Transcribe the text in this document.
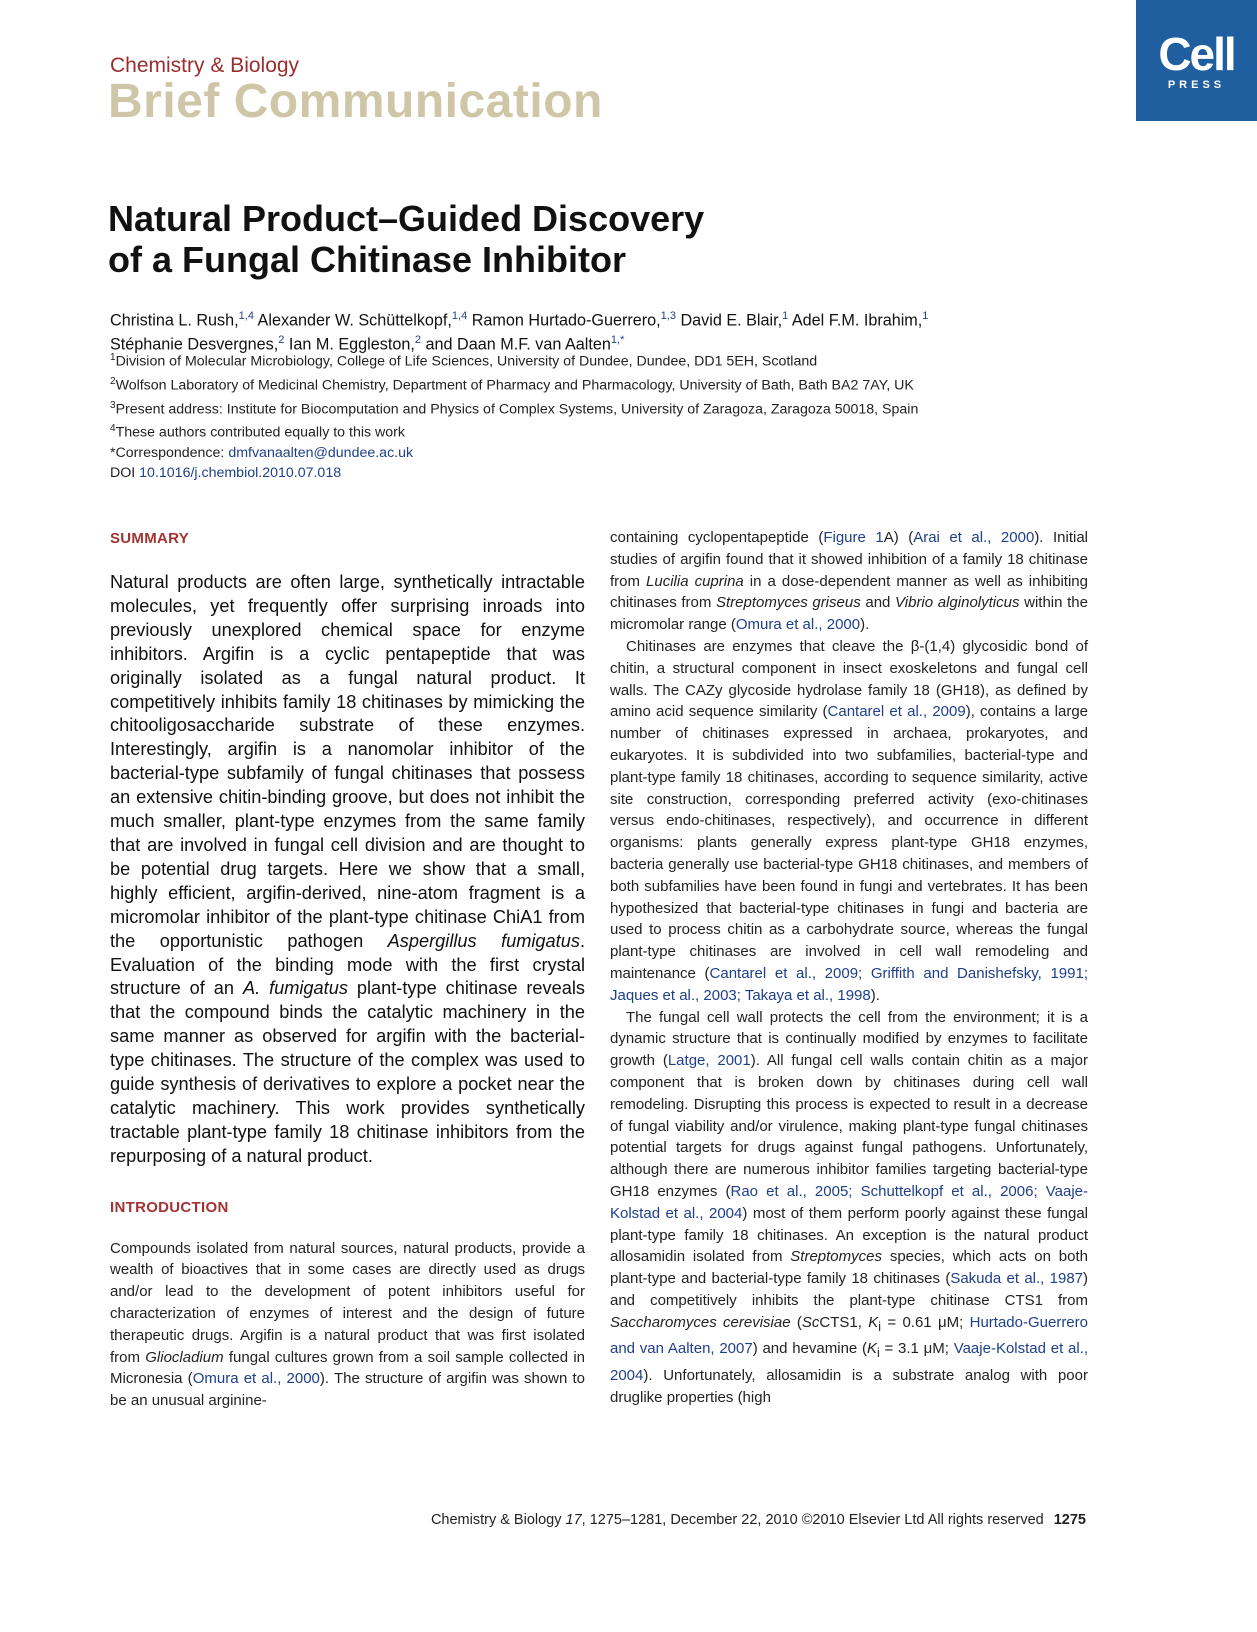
Chemistry & Biology
Brief Communication
Cell
PRESS
Natural Product–Guided Discovery
of a Fungal Chitinase Inhibitor
Christina L. Rush,$^{1,4}$ Alexander W. Schüttelkopf,$^{1,4}$ Ramon Hurtado-Guerrero,$^{1,3}$ David E. Blair,$^1$ Adel F.M. Ibrahim,$^1$
Stéphanie Desvergnes,$^2$ Ian M. Eggleston,$^2$ and Daan M.F. van Aalten$^{1,*}$
$^1$Division of Molecular Microbiology, College of Life Sciences, University of Dundee, Dundee, DD1 5EH, Scotland
$^2$Wolfson Laboratory of Medicinal Chemistry, Department of Pharmacy and Pharmacology, University of Bath, Bath BA2 7AY, UK
$^3$Present address: Institute for Biocomputation and Physics of Complex Systems, University of Zaragoza, Zaragoza 50018, Spain
$^4$These authors contributed equally to this work
*Correspondence: dmfvanaalten@dundee.ac.uk
DOI 10.1016/j.chembiol.2010.07.018
SUMMARY
Natural products are often large, synthetically intractable molecules, yet frequently offer surprising inroads into previously unexplored chemical space for enzyme inhibitors. Argifin is a cyclic pentapeptide that was originally isolated as a fungal natural product. It competitively inhibits family 18 chitinases by mimicking the chitooligosaccharide substrate of these enzymes. Interestingly, argifin is a nanomolar inhibitor of the bacterial-type subfamily of fungal chitinases that possess an extensive chitin-binding groove, but does not inhibit the much smaller, plant-type enzymes from the same family that are involved in fungal cell division and are thought to be potential drug targets. Here we show that a small, highly efficient, argifin-derived, nine-atom fragment is a micromolar inhibitor of the plant-type chitinase ChiA1 from the opportunistic pathogen Aspergillus fumigatus. Evaluation of the binding mode with the first crystal structure of an A. fumigatus plant-type chitinase reveals that the compound binds the catalytic machinery in the same manner as observed for argifin with the bacterial-type chitinases. The structure of the complex was used to guide synthesis of derivatives to explore a pocket near the catalytic machinery. This work provides synthetically tractable plant-type family 18 chitinase inhibitors from the repurposing of a natural product.
INTRODUCTION
Compounds isolated from natural sources, natural products, provide a wealth of bioactives that in some cases are directly used as drugs and/or lead to the development of potent inhibitors useful for characterization of enzymes of interest and the design of future therapeutic drugs. Argifin is a natural product that was first isolated from Gliocladium fungal cultures grown from a soil sample collected in Micronesia (Omura et al., 2000). The structure of argifin was shown to be an unusual arginine-

containing cyclopentapeptide (Figure 1A) (Arai et al., 2000). Initial studies of argifin found that it showed inhibition of a family 18 chitinase from Lucilia cuprina in a dose-dependent manner as well as inhibiting chitinases from Streptomyces griseus and Vibrio alginolyticus within the micromolar range (Omura et al., 2000).

Chitinases are enzymes that cleave the β-(1,4) glycosidic bond of chitin, a structural component in insect exoskeletons and fungal cell walls. The CAZy glycoside hydrolase family 18 (GH18), as defined by amino acid sequence similarity (Cantarel et al., 2009), contains a large number of chitinases expressed in archaea, prokaryotes, and eukaryotes. It is subdivided into two subfamilies, bacterial-type and plant-type family 18 chitinases, according to sequence similarity, active site construction, corresponding preferred activity (exo-chitinases versus endo-chitinases, respectively), and occurrence in different organisms: plants generally express plant-type GH18 enzymes, bacteria generally use bacterial-type GH18 chitinases, and members of both subfamilies have been found in fungi and vertebrates. It has been hypothesized that bacterial-type chitinases in fungi and bacteria are used to process chitin as a carbohydrate source, whereas the fungal plant-type chitinases are involved in cell wall remodeling and maintenance (Cantarel et al., 2009; Griffith and Danishefsky, 1991; Jaques et al., 2003; Takaya et al., 1998).

The fungal cell wall protects the cell from the environment; it is a dynamic structure that is continually modified by enzymes to facilitate growth (Latge, 2001). All fungal cell walls contain chitin as a major component that is broken down by chitinases during cell wall remodeling. Disrupting this process is expected to result in a decrease of fungal viability and/or virulence, making plant-type fungal chitinases potential targets for drugs against fungal pathogens. Unfortunately, although there are numerous inhibitor families targeting bacterial-type GH18 enzymes (Rao et al., 2005; Schuttelkopf et al., 2006; Vaaje-Kolstad et al., 2004) most of them perform poorly against these fungal plant-type family 18 chitinases. An exception is the natural product allosamidin isolated from Streptomyces species, which acts on both plant-type and bacterial-type family 18 chitinases (Sakuda et al., 1987) and competitively inhibits the plant-type chitinase CTS1 from Saccharomyces cerevisiae (ScCTS1, $K_i = 0.61$ μM; Hurtado-Guerrero and van Aalten, 2007) and hevamine ($K_i = 3.1$ μM; Vaaje-Kolstad et al., 2004). Unfortunately, allosamidin is a substrate analog with poor druglike properties (high

Chemistry & Biology 17, 1275–1281, December 22, 2010 ©2010 Elsevier Ltd All rights reserved 1275
